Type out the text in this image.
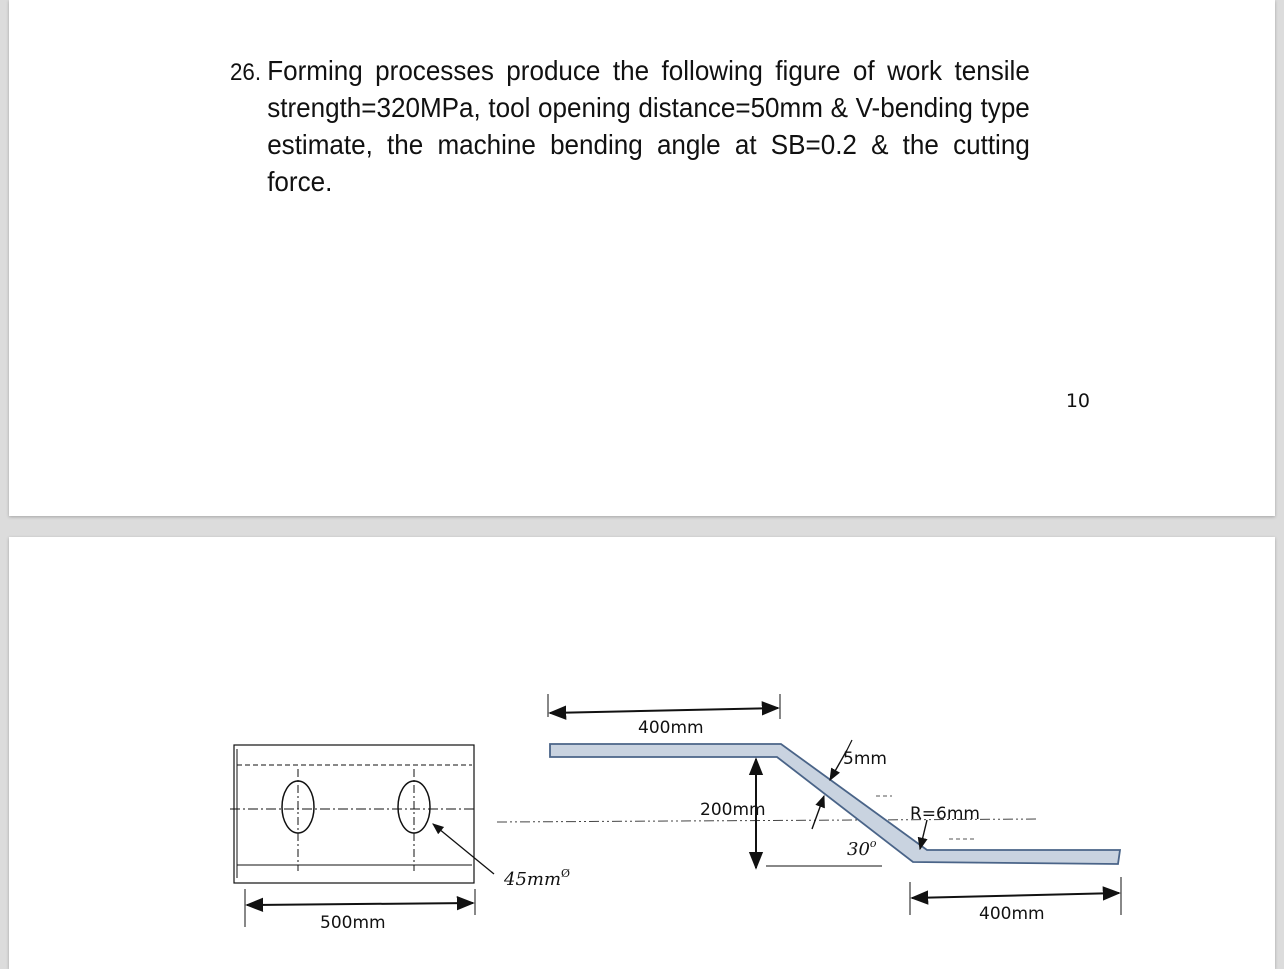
26. Forming processes produce the following figure of work tensile strength=320MPa, tool opening distance=50mm & V-bending type estimate, the machine bending angle at SB=0.2 & the cutting force.
10
$45mm^Ø$
500mm
400mm
200mm
5mm
30$^o$
R=6mm
400mm
